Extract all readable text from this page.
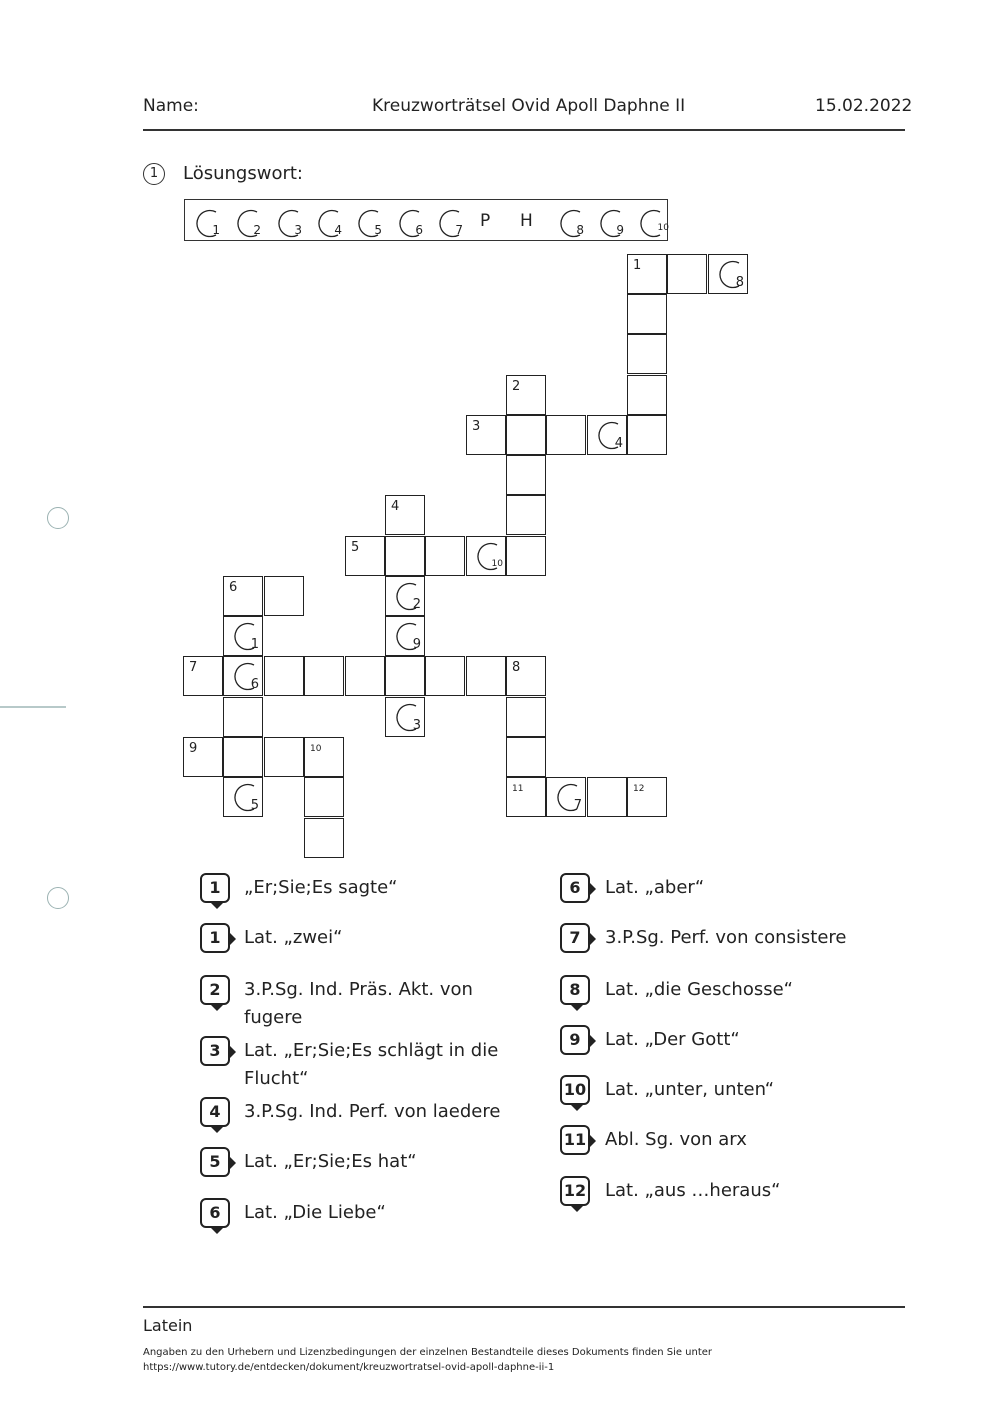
Name:	Kreuzworträtsel Ovid Apoll Daphne II	15.02.2022
1	Lösungswort:
1	2	3	4	5	6	7 P H	8	9	10
1
8
2
3
4
4
5
10
6
2
1	9
7
6
8
3
9	10
5
11
7
12
1	„Er;Sie;Es sagte“
1	Lat. „zwei“
2	3.P.Sg. Ind. Präs. Akt. von fugere
3	Lat. „Er;Sie;Es schlägt in die Flucht“
4	3.P.Sg. Ind. Perf. von laedere
5	Lat. „Er;Sie;Es hat“
6	Lat. „Die Liebe“
6	Lat. „aber“
7	3.P.Sg. Perf. von consistere
8	Lat. „die Geschosse“
9	Lat. „Der Gott“
10 Lat. „unter, unten“
11 Abl. Sg. von arx
12 Lat. „aus …heraus“
Latein
Angaben zu den Urhebern und Lizenzbedingungen der einzelnen Bestandteile dieses Dokuments finden Sie unter
https://www.tutory.de/entdecken/dokument/kreuzwortratsel-ovid-apoll-daphne-ii-1
